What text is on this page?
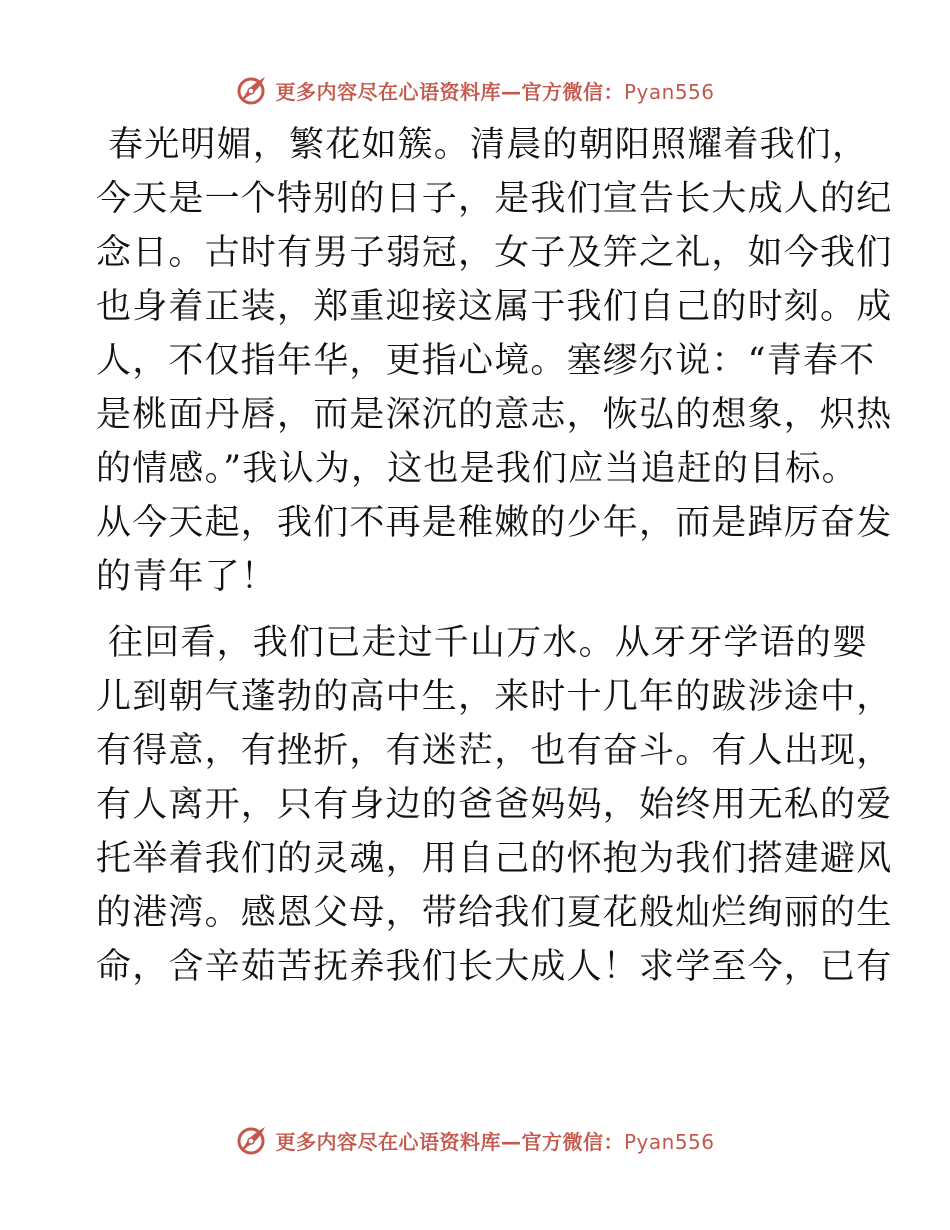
更多内容尽在心语资料库—官方微信：Pyan556
春光明媚，繁花如簇。清晨的朝阳照耀着我们，
今天是一个特别的日子，是我们宣告长大成人的纪
念日。古时有男子弱冠，女子及笄之礼，如今我们
也身着正装，郑重迎接这属于我们自己的时刻。成
人，不仅指年华，更指心境。塞缪尔说：“青春不
是桃面丹唇，而是深沉的意志，恢弘的想象，炽热
的情感。”我认为，这也是我们应当追赶的目标。
从今天起，我们不再是稚嫩的少年，而是踔厉奋发
的青年了！
往回看，我们已走过千山万水。从牙牙学语的婴
儿到朝气蓬勃的高中生，来时十几年的跋涉途中，
有得意，有挫折，有迷茫，也有奋斗。有人出现，
有人离开，只有身边的爸爸妈妈，始终用无私的爱
托举着我们的灵魂，用自己的怀抱为我们搭建避风
的港湾。感恩父母，带给我们夏花般灿烂绚丽的生
命，含辛茹苦抚养我们长大成人！求学至今，已有
更多内容尽在心语资料库—官方微信：Pyan556
